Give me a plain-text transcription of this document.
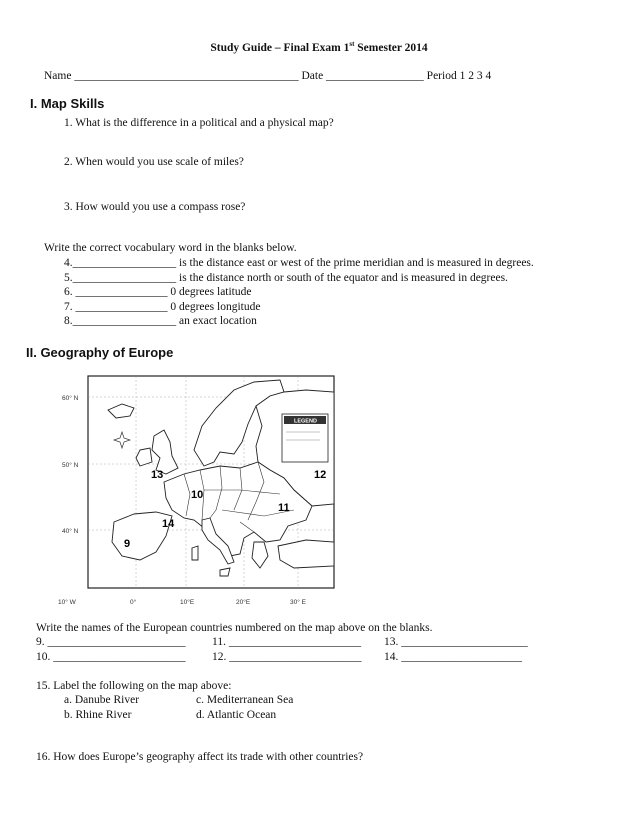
Study Guide – Final Exam 1st Semester 2014
Name _______________________________________ Date _________________ Period 1 2 3 4
I. Map Skills
1. What is the difference in a political and a physical map?
2. When would you use scale of miles?
3. How would you use a compass rose?
Write the correct vocabulary word in the blanks below.
4.__________________ is the distance east or west of the prime meridian and is measured in degrees.
5.__________________ is the distance north or south of the equator and is measured in degrees.
6. ________________ 0 degrees latitude
7. ________________ 0 degrees longitude
8.__________________ an exact location
II. Geography of Europe
LEGEND
60° N
50° N
40° N
10° W	0°	10°E	20°E	30° E
13	12
10
11
14
9
Write the names of the European countries numbered on the map above on the blanks.
9. ________________________ 11. _______________________ 13. ______________________
10. _______________________ 12. _______________________ 14. _____________________
15. Label the following on the map above:
a. Danube River	c. Mediterranean Sea
b. Rhine River	d. Atlantic Ocean
16. How does Europe’s geography affect its trade with other countries?
